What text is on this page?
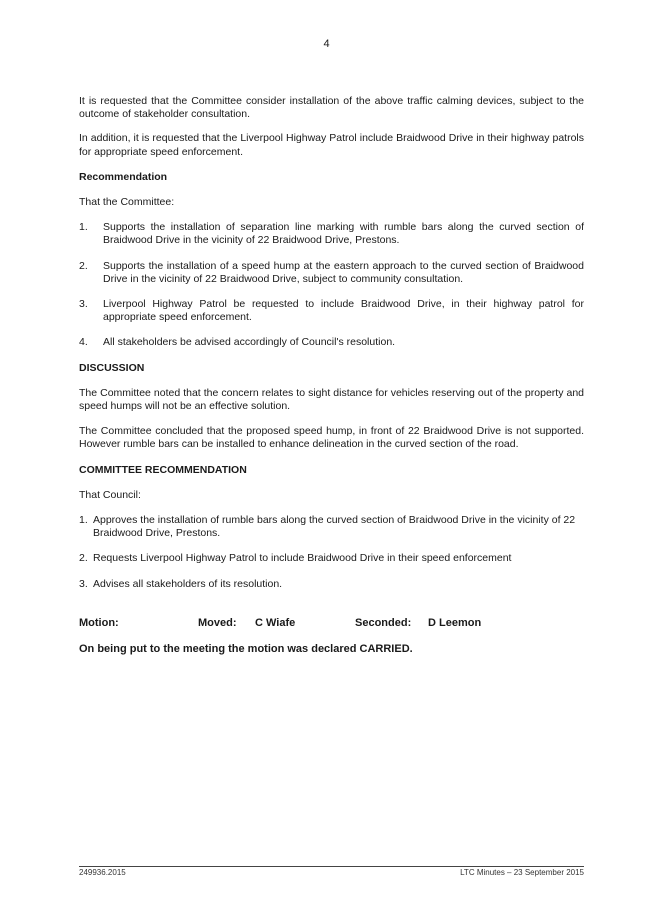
4

It is requested that the Committee consider installation of the above traffic calming devices, subject to the outcome of stakeholder consultation.

In addition, it is requested that the Liverpool Highway Patrol include Braidwood Drive in their highway patrols for appropriate speed enforcement.

Recommendation

That the Committee:

1.	Supports the installation of separation line marking with rumble bars along the curved section of Braidwood Drive in the vicinity of 22 Braidwood Drive, Prestons.
2.	Supports the installation of a speed hump at the eastern approach to the curved section of Braidwood Drive in the vicinity of 22 Braidwood Drive, subject to community consultation.
3.	Liverpool Highway Patrol be requested to include Braidwood Drive, in their highway patrol for appropriate speed enforcement.
4.	All stakeholders be advised accordingly of Council's resolution.
DISCUSSION

The Committee noted that the concern relates to sight distance for vehicles reserving out of the property and speed humps will not be an effective solution.

The Committee concluded that the proposed speed hump, in front of 22 Braidwood Drive is not supported. However rumble bars can be installed to enhance delineation in the curved section of the road.

COMMITTEE RECOMMENDATION

That Council:

1. Approves the installation of rumble bars along the curved section of Braidwood Drive in the vicinity of 22 Braidwood Drive, Prestons.
2. Requests Liverpool Highway Patrol to include Braidwood Drive in their speed enforcement
3. Advises all stakeholders of its resolution.
Motion:	Moved:	C Wiafe	Seconded:	D Leemon
On being put to the meeting the motion was declared CARRIED.
249936.2015	LTC Minutes – 23 September 2015
